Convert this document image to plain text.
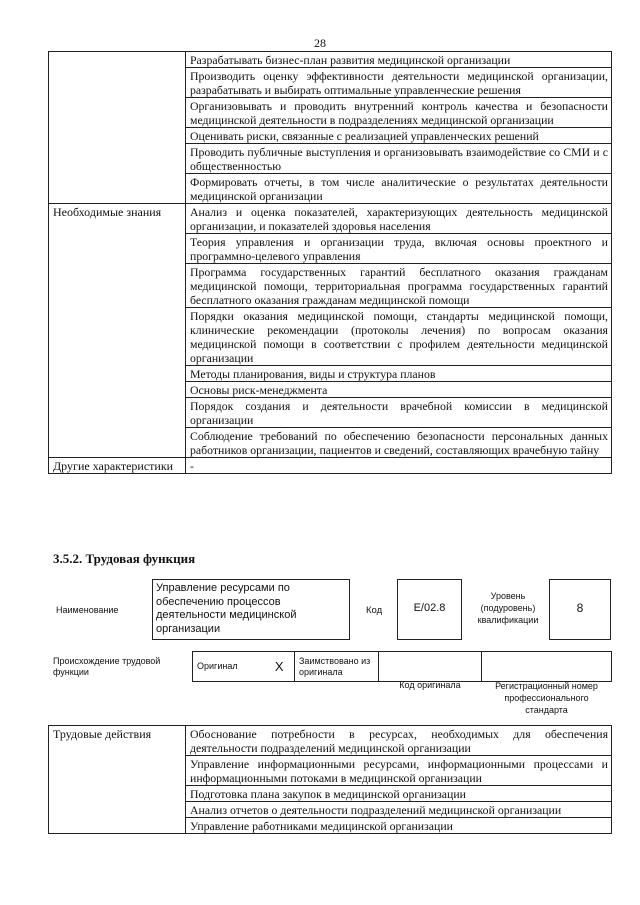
28
	Разрабатывать бизнес-план развития медицинской организации
	Производить оценку эффективности деятельности медицинской организации, разрабатывать и выбирать оптимальные управленческие решения
	Организовывать и проводить внутренний контроль качества и безопасности медицинской деятельности в подразделениях медицинской организации
	Оценивать риски, связанные с реализацией управленческих решений
	Проводить публичные выступления и организовывать взаимодействие со СМИ и с общественностью
	Формировать отчеты, в том числе аналитические о результатах деятельности медицинской организации
Необходимые знания	Анализ и оценка показателей, характеризующих деятельность медицинской организации, и показателей здоровья населения
	Теория управления и организации труда, включая основы проектного и программно-целевого управления
	Программа государственных гарантий бесплатного оказания гражданам медицинской помощи, территориальная программа государственных гарантий бесплатного оказания гражданам медицинской помощи
	Порядки оказания медицинской помощи, стандарты медицинской помощи, клинические рекомендации (протоколы лечения) по вопросам оказания медицинской помощи в соответствии с профилем деятельности медицинской организации
	Методы планирования, виды и структура планов
	Основы риск-менеджмента
	Порядок создания и деятельности врачебной комиссии в медицинской организации
	Соблюдение требований по обеспечению безопасности персональных данных работников организации, пациентов и сведений, составляющих врачебную тайну
Другие характеристики	-
3.5.2. Трудовая функция
Наименование
Управление ресурсами по обеспечению процессов деятельности медицинской организации
Код	E/02.8
Уровень (подуровень) квалификации
8
Происхождение трудовой функции
Оригинал	X	Заимствовано из оригинала		
Код оригинала	Регистрационный номер профессионального стандарта
Трудовые действия	Обоснование потребности в ресурсах, необходимых для обеспечения деятельности подразделений медицинской организации
Управление информационными ресурсами, информационными процессами и информационными потоками в медицинской организации
Подготовка плана закупок в медицинской организации
Анализ отчетов о деятельности подразделений медицинской организации
Управление работниками медицинской организации
